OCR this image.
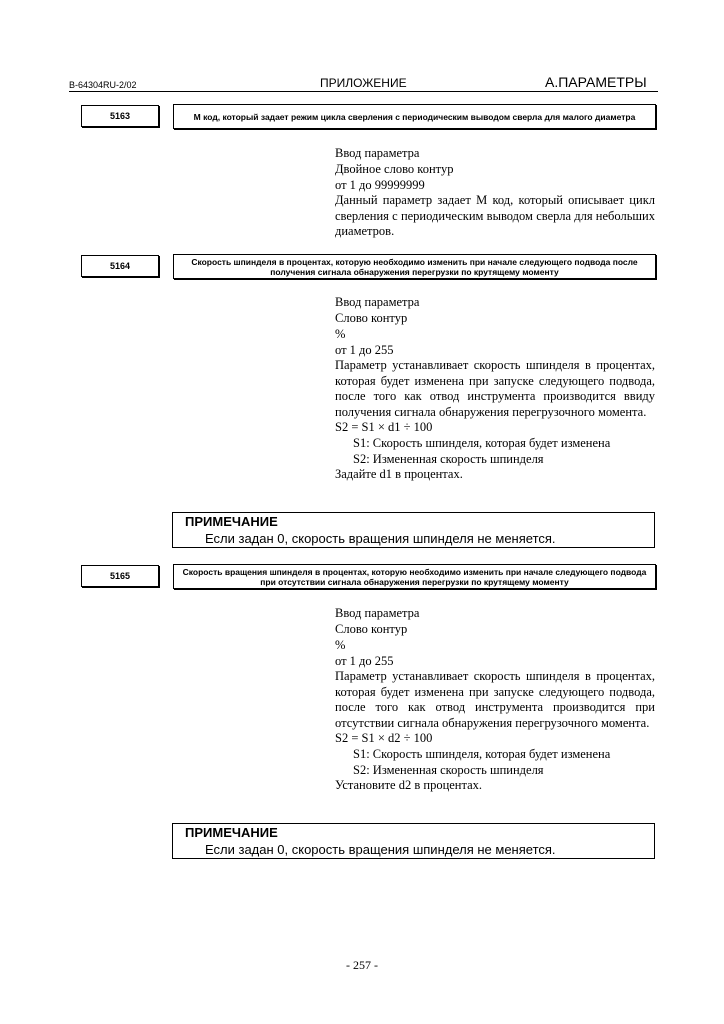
B-64304RU-2/02	ПРИЛОЖЕНИЕ	A.ПАРАМЕТРЫ
5163	M код, который задает режим цикла сверления с периодическим выводом сверла для малого диаметра
Ввод параметра
Двойное слово контур
от 1 до 99999999

Данный параметр задает M код, который описывает цикл сверления с периодическим выводом сверла для небольших диаметров.

5164	Скорость шпинделя в процентах, которую необходимо изменить при начале следующего подвода после получения сигнала обнаружения перегрузки по крутящему моменту
Ввод параметра
Слово контур
%
от 1 до 255

Параметр устанавливает скорость шпинделя в процентах, которая будет изменена при запуске следующего подвода, после того как отвод инструмента производится ввиду получения сигнала обнаружения перегрузочного момента.

S2 = S1 × d1 ÷ 100

S1: Скорость шпинделя, которая будет изменена

S2: Измененная скорость шпинделя

Задайте d1 в процентах.

ПРИМЕЧАНИЕ
Если задан 0, скорость вращения шпинделя не меняется.
5165	Скорость вращения шпинделя в процентах, которую необходимо изменить при начале следующего подвода при отсутствии сигнала обнаружения перегрузки по крутящему моменту
Ввод параметра
Слово контур
%
от 1 до 255

Параметр устанавливает скорость шпинделя в процентах, которая будет изменена при запуске следующего подвода, после того как отвод инструмента производится при отсутствии сигнала обнаружения перегрузочного момента.

S2 = S1 × d2 ÷ 100

S1: Скорость шпинделя, которая будет изменена

S2: Измененная скорость шпинделя

Установите d2 в процентах.

ПРИМЕЧАНИЕ
Если задан 0, скорость вращения шпинделя не меняется.
- 257 -
